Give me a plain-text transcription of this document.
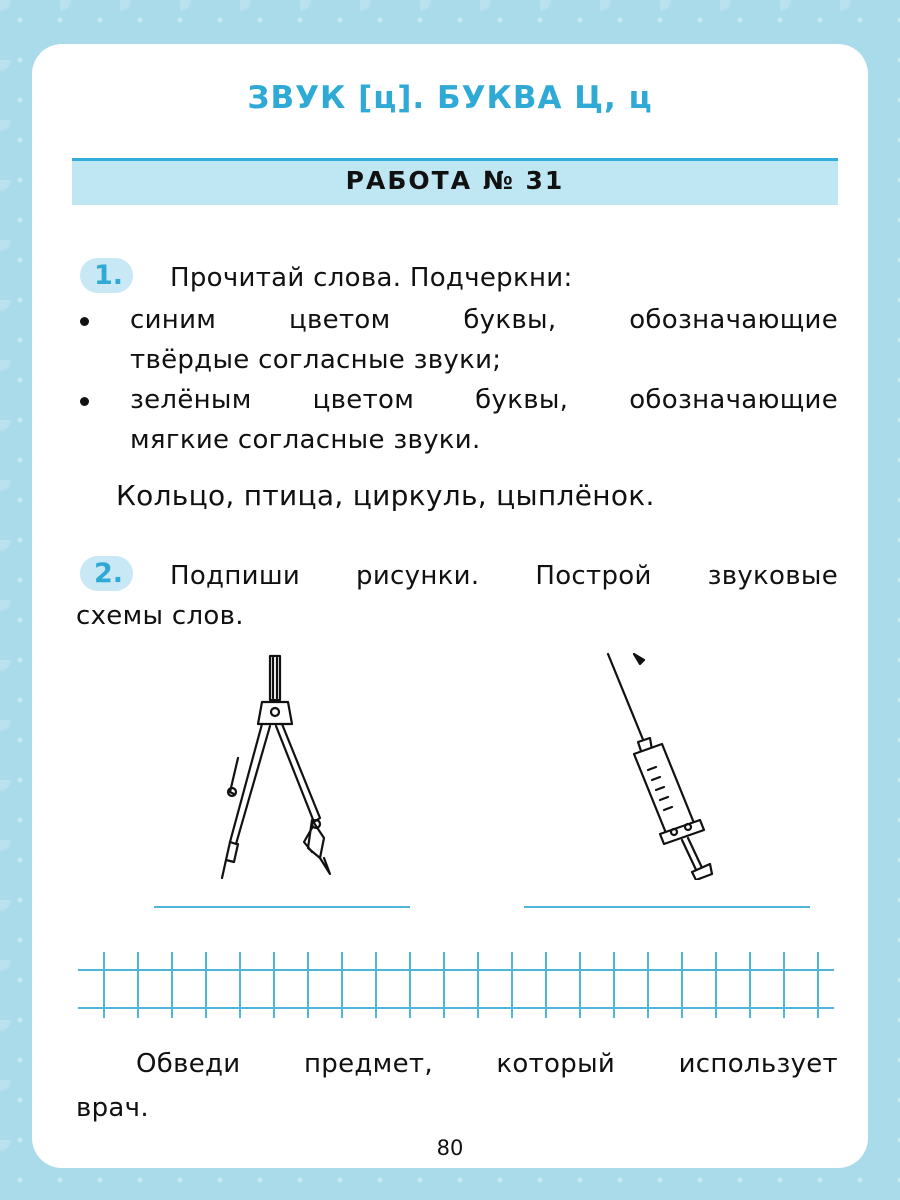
ЗВУК [ц]. БУКВА Ц, ц
РАБОТА № 31
1.	Прочитай слова. Подчеркни:
синим цветом буквы, обозначающие
твёрдые согласные звуки;
зелёным цветом буквы, обозначающие
мягкие согласные звуки.
Кольцо, птица, циркуль, цыплёнок.
2.	Подпиши рисунки. Построй звуковые
схемы слов.
Обведи предмет, который использует
врач.
80
